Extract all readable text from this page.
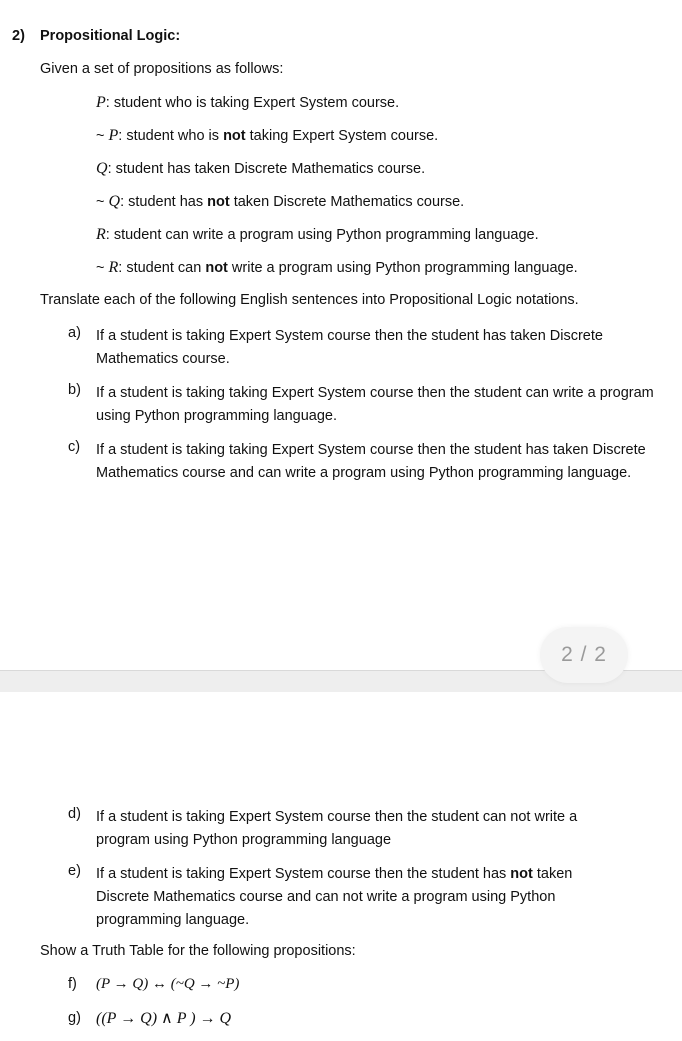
2) Propositional Logic:
Given a set of propositions as follows:
P: student who is taking Expert System course.
~ P: student who is not taking Expert System course.
Q: student has taken Discrete Mathematics course.
~ Q: student has not taken Discrete Mathematics course.
R: student can write a program using Python programming language.
~ R: student can not write a program using Python programming language.
Translate each of the following English sentences into Propositional Logic notations.
a) If a student is taking Expert System course then the student has taken Discrete Mathematics course.
b) If a student is taking taking Expert System course then the student can write a program using Python programming language.
c) If a student is taking taking Expert System course then the student has taken Discrete Mathematics course and can write a program using Python programming language.
2 / 2
d) If a student is taking Expert System course then the student can not write a program using Python programming language
e) If a student is taking Expert System course then the student has not taken Discrete Mathematics course and can not write a program using Python programming language.
Show a Truth Table for the following propositions:
f) (P → Q) ↔ (~Q → ~P)
g) ((P → Q) ∧ P ) → Q
